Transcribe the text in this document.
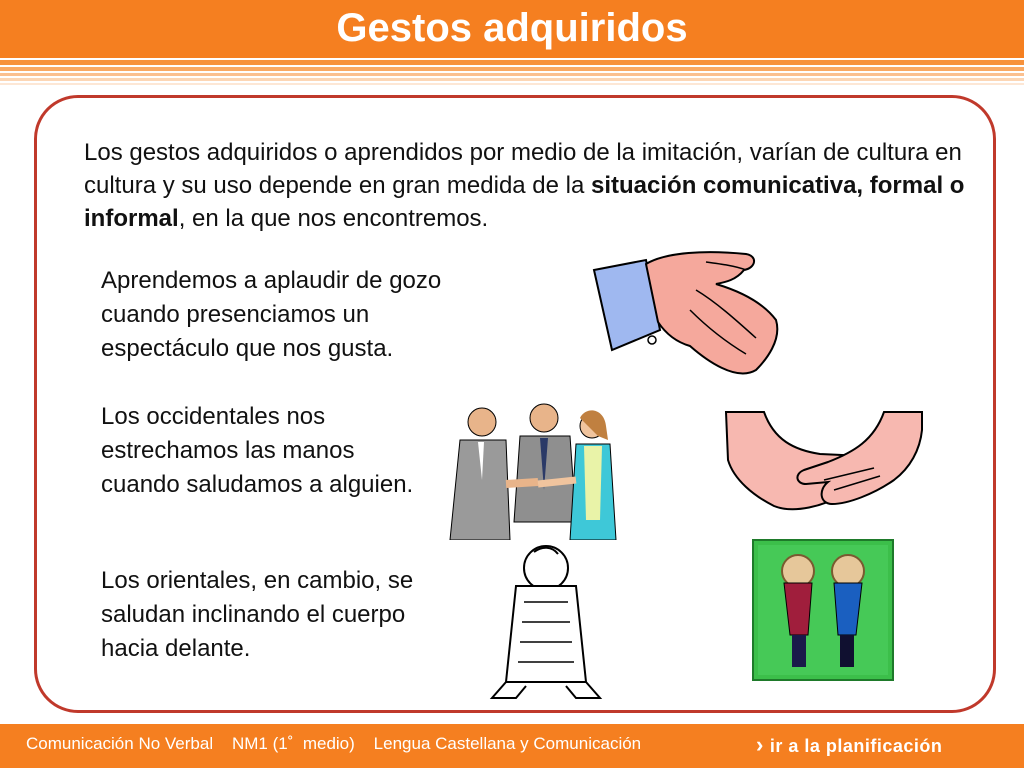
Gestos adquiridos
Los gestos adquiridos o aprendidos por medio de la imitación, varían de cultura en cultura y su uso depende en gran medida de la situación comunicativa, formal o informal, en la que nos encontremos.
Aprendemos a aplaudir de gozo cuando presenciamos un espectáculo que nos gusta.
Los occidentales nos estrechamos las manos cuando saludamos a alguien.
Los orientales, en cambio, se saludan inclinando el cuerpo hacia delante.
Comunicación No Verbal    NM1 (1˚  medio)    Lengua Castellana y Comunicación	› ir a la planificación
